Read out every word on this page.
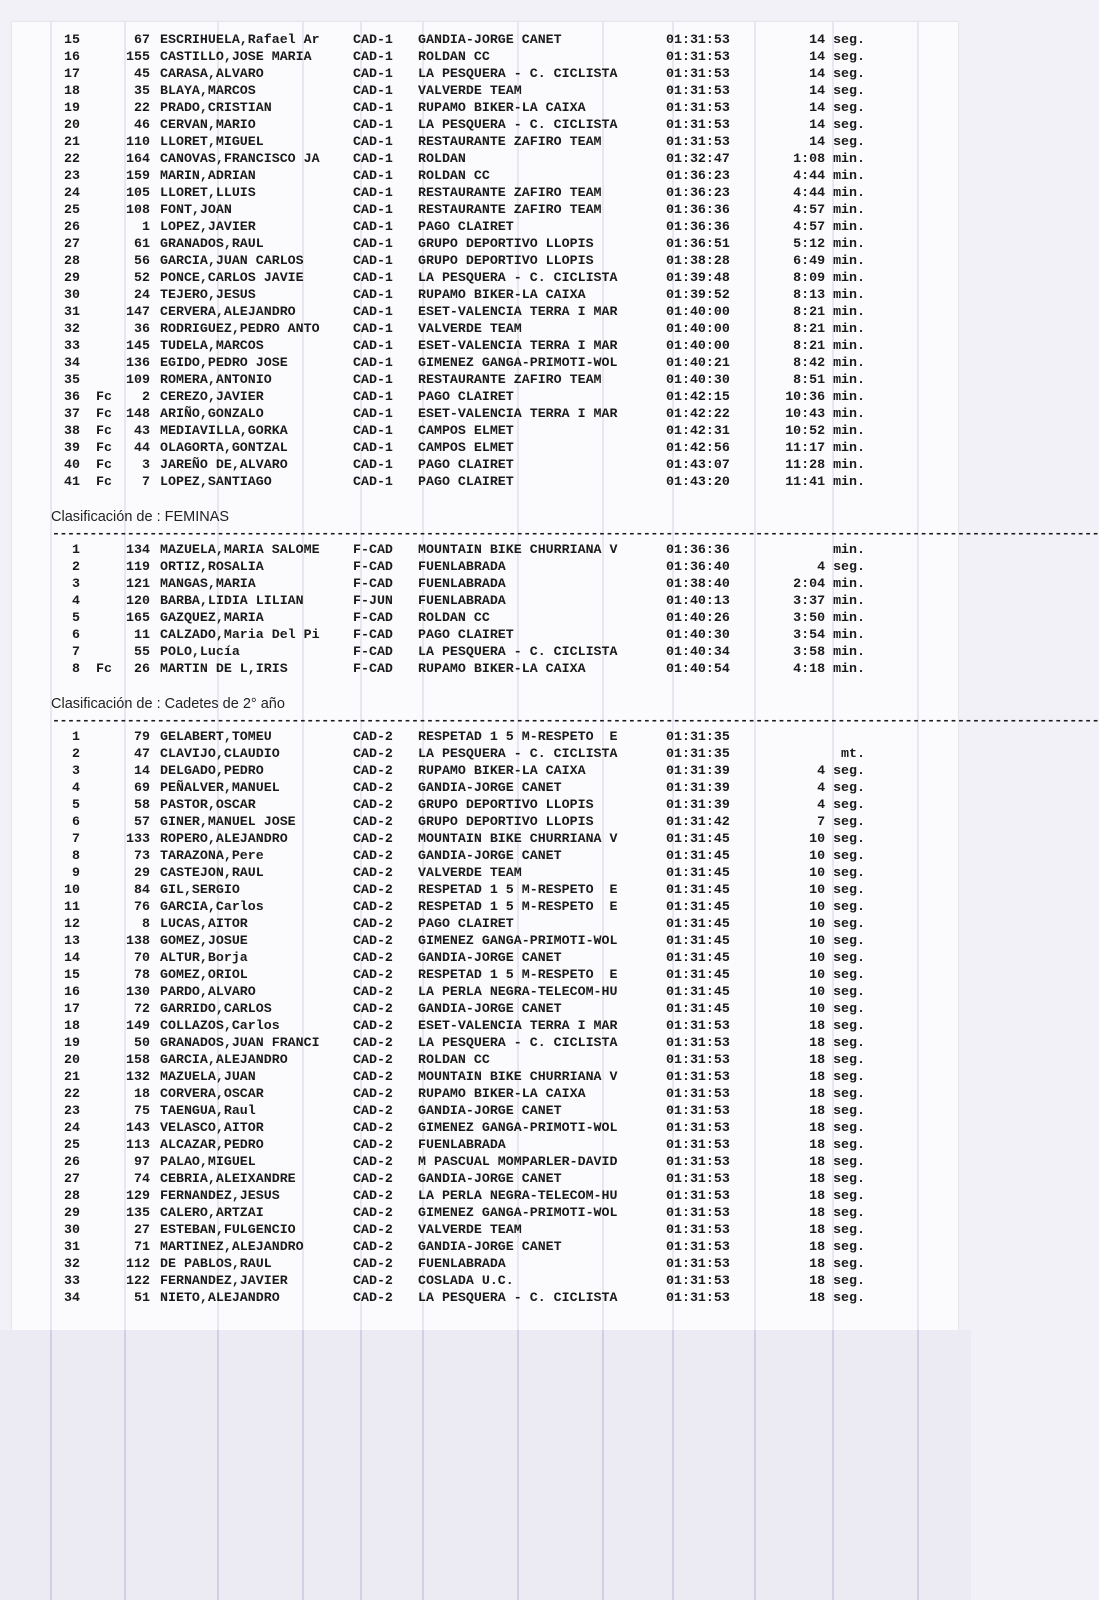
15	67 ESCRIHUELA,Rafael Ar	CAD-1 GANDIA-JORGE CANET	01:31:53	14 seg.
16	155 CASTILLO,JOSE MARIA	CAD-1 ROLDAN CC	01:31:53	14 seg.
17	45 CARASA,ALVARO	CAD-1 LA PESQUERA - C. CICLISTA	01:31:53	14 seg.
18	35 BLAYA,MARCOS	CAD-1 VALVERDE TEAM	01:31:53	14 seg.
19	22 PRADO,CRISTIAN	CAD-1 RUPAMO BIKER-LA CAIXA	01:31:53	14 seg.
20	46 CERVAN,MARIO	CAD-1 LA PESQUERA - C. CICLISTA	01:31:53	14 seg.
21	110 LLORET,MIGUEL	CAD-1 RESTAURANTE ZAFIRO TEAM	01:31:53	14 seg.
22	164 CANOVAS,FRANCISCO JA	CAD-1 ROLDAN	01:32:47	1:08 min.
23	159 MARIN,ADRIAN	CAD-1 ROLDAN CC	01:36:23	4:44 min.
24	105 LLORET,LLUIS	CAD-1 RESTAURANTE ZAFIRO TEAM	01:36:23	4:44 min.
25	108 FONT,JOAN	CAD-1 RESTAURANTE ZAFIRO TEAM	01:36:36	4:57 min.
26	1 LOPEZ,JAVIER	CAD-1 PAGO CLAIRET	01:36:36	4:57 min.
27	61 GRANADOS,RAUL	CAD-1 GRUPO DEPORTIVO LLOPIS	01:36:51	5:12 min.
28	56 GARCIA,JUAN CARLOS	CAD-1 GRUPO DEPORTIVO LLOPIS	01:38:28	6:49 min.
29	52 PONCE,CARLOS JAVIE	CAD-1 LA PESQUERA - C. CICLISTA	01:39:48	8:09 min.
30	24 TEJERO,JESUS	CAD-1 RUPAMO BIKER-LA CAIXA	01:39:52	8:13 min.
31	147 CERVERA,ALEJANDRO	CAD-1 ESET-VALENCIA TERRA I MAR	01:40:00	8:21 min.
32	36 RODRIGUEZ,PEDRO ANTO	CAD-1 VALVERDE TEAM	01:40:00	8:21 min.
33	145 TUDELA,MARCOS	CAD-1 ESET-VALENCIA TERRA I MAR	01:40:00	8:21 min.
34	136 EGIDO,PEDRO JOSE	CAD-1 GIMENEZ GANGA-PRIMOTI-WOL	01:40:21	8:42 min.
35	109 ROMERA,ANTONIO	CAD-1 RESTAURANTE ZAFIRO TEAM	01:40:30	8:51 min.
36 Fc	2 CEREZO,JAVIER	CAD-1 PAGO CLAIRET	01:42:15	10:36 min.
37 Fc	148 ARIÑO,GONZALO	CAD-1 ESET-VALENCIA TERRA I MAR	01:42:22	10:43 min.
38 Fc	43 MEDIAVILLA,GORKA	CAD-1 CAMPOS ELMET	01:42:31	10:52 min.
39 Fc	44 OLAGORTA,GONTZAL	CAD-1 CAMPOS ELMET	01:42:56	11:17 min.
40 Fc	3 JAREÑO DE,ALVARO	CAD-1 PAGO CLAIRET	01:43:07	11:28 min.
41 Fc	7 LOPEZ,SANTIAGO	CAD-1 PAGO CLAIRET	01:43:20	11:41 min.
Clasificación de : FEMINAS
--------------------------------------------------------------------------------------------------------------------------------------------
1	134 MAZUELA,MARIA SALOME	F-CAD MOUNTAIN BIKE CHURRIANA V	01:36:36	min.
2	119 ORTIZ,ROSALIA	F-CAD FUENLABRADA	01:36:40	4 seg.
3	121 MANGAS,MARIA	F-CAD FUENLABRADA	01:38:40	2:04 min.
4	120 BARBA,LIDIA LILIAN	F-JUN FUENLABRADA	01:40:13	3:37 min.
5	165 GAZQUEZ,MARIA	F-CAD ROLDAN CC	01:40:26	3:50 min.
6	11 CALZADO,Maria Del Pi	F-CAD PAGO CLAIRET	01:40:30	3:54 min.
7	55 POLO,Lucía	F-CAD LA PESQUERA - C. CICLISTA	01:40:34	3:58 min.
8 Fc	26 MARTIN DE L,IRIS	F-CAD RUPAMO BIKER-LA CAIXA	01:40:54	4:18 min.
Clasificación de : Cadetes de 2° año
--------------------------------------------------------------------------------------------------------------------------------------------
1	79 GELABERT,TOMEU	CAD-2 RESPETAD 1 5 M-RESPETO  E	01:31:35
2	47 CLAVIJO,CLAUDIO	CAD-2 LA PESQUERA - C. CICLISTA	01:31:35	mt.
3	14 DELGADO,PEDRO	CAD-2 RUPAMO BIKER-LA CAIXA	01:31:39	4 seg.
4	69 PEÑALVER,MANUEL	CAD-2 GANDIA-JORGE CANET	01:31:39	4 seg.
5	58 PASTOR,OSCAR	CAD-2 GRUPO DEPORTIVO LLOPIS	01:31:39	4 seg.
6	57 GINER,MANUEL JOSE	CAD-2 GRUPO DEPORTIVO LLOPIS	01:31:42	7 seg.
7	133 ROPERO,ALEJANDRO	CAD-2 MOUNTAIN BIKE CHURRIANA V	01:31:45	10 seg.
8	73 TARAZONA,Pere	CAD-2 GANDIA-JORGE CANET	01:31:45	10 seg.
9	29 CASTEJON,RAUL	CAD-2 VALVERDE TEAM	01:31:45	10 seg.
10	84 GIL,SERGIO	CAD-2 RESPETAD 1 5 M-RESPETO  E	01:31:45	10 seg.
11	76 GARCIA,Carlos	CAD-2 RESPETAD 1 5 M-RESPETO  E	01:31:45	10 seg.
12	8 LUCAS,AITOR	CAD-2 PAGO CLAIRET	01:31:45	10 seg.
13	138 GOMEZ,JOSUE	CAD-2 GIMENEZ GANGA-PRIMOTI-WOL	01:31:45	10 seg.
14	70 ALTUR,Borja	CAD-2 GANDIA-JORGE CANET	01:31:45	10 seg.
15	78 GOMEZ,ORIOL	CAD-2 RESPETAD 1 5 M-RESPETO  E	01:31:45	10 seg.
16	130 PARDO,ALVARO	CAD-2 LA PERLA NEGRA-TELECOM-HU	01:31:45	10 seg.
17	72 GARRIDO,CARLOS	CAD-2 GANDIA-JORGE CANET	01:31:45	10 seg.
18	149 COLLAZOS,Carlos	CAD-2 ESET-VALENCIA TERRA I MAR	01:31:53	18 seg.
19	50 GRANADOS,JUAN FRANCI	CAD-2 LA PESQUERA - C. CICLISTA	01:31:53	18 seg.
20	158 GARCIA,ALEJANDRO	CAD-2 ROLDAN CC	01:31:53	18 seg.
21	132 MAZUELA,JUAN	CAD-2 MOUNTAIN BIKE CHURRIANA V	01:31:53	18 seg.
22	18 CORVERA,OSCAR	CAD-2 RUPAMO BIKER-LA CAIXA	01:31:53	18 seg.
23	75 TAENGUA,Raul	CAD-2 GANDIA-JORGE CANET	01:31:53	18 seg.
24	143 VELASCO,AITOR	CAD-2 GIMENEZ GANGA-PRIMOTI-WOL	01:31:53	18 seg.
25	113 ALCAZAR,PEDRO	CAD-2 FUENLABRADA	01:31:53	18 seg.
26	97 PALAO,MIGUEL	CAD-2 M PASCUAL MOMPARLER-DAVID	01:31:53	18 seg.
27	74 CEBRIA,ALEIXANDRE	CAD-2 GANDIA-JORGE CANET	01:31:53	18 seg.
28	129 FERNANDEZ,JESUS	CAD-2 LA PERLA NEGRA-TELECOM-HU	01:31:53	18 seg.
29	135 CALERO,ARTZAI	CAD-2 GIMENEZ GANGA-PRIMOTI-WOL	01:31:53	18 seg.
30	27 ESTEBAN,FULGENCIO	CAD-2 VALVERDE TEAM	01:31:53	18 seg.
31	71 MARTINEZ,ALEJANDRO	CAD-2 GANDIA-JORGE CANET	01:31:53	18 seg.
32	112 DE PABLOS,RAUL	CAD-2 FUENLABRADA	01:31:53	18 seg.
33	122 FERNANDEZ,JAVIER	CAD-2 COSLADA U.C.	01:31:53	18 seg.
34	51 NIETO,ALEJANDRO	CAD-2 LA PESQUERA - C. CICLISTA	01:31:53	18 seg.
